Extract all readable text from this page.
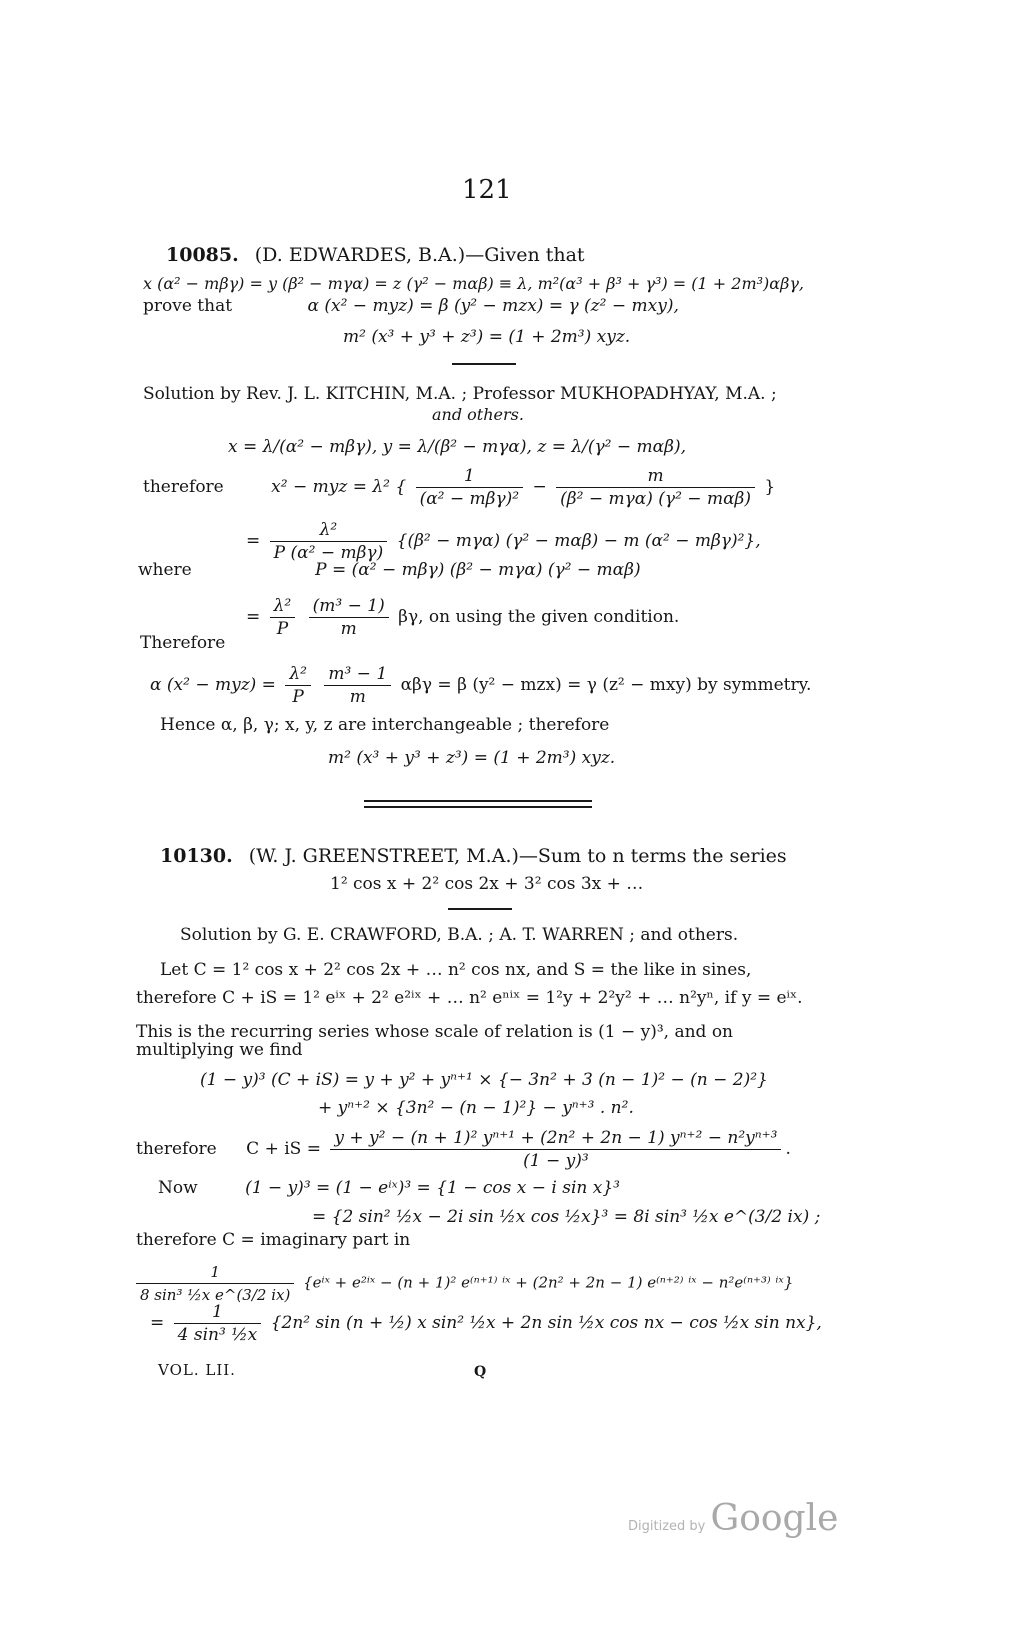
121
10085. (D. EDWARDES, B.A.)—Given that
x (α² − mβγ) = y (β² − mγα) = z (γ² − mαβ) ≡ λ, m²(α³ + β³ + γ³) = (1 + 2m³)αβγ,
prove that	α (x² − myz) = β (y² − mzx) = γ (z² − mxy),
m² (x³ + y³ + z³) = (1 + 2m³) xyz.
Solution by Rev. J. L. KITCHIN, M.A. ; Professor MUKHOPADHYAY, M.A. ;
and others.
x = λ/(α² − mβγ), y = λ/(β² − mγα), z = λ/(γ² − mαβ),
therefore	x² − myz = λ² { $\frac{1}{\text{(α² − mβγ)²}} - \frac{m}{\text{(β² − mγα) (γ² − mαβ)}}$ }
= $\frac{\text{λ²}}{\text{P (α² − mβγ)}} \{(\beta^2 - m\gamma\alpha) (\gamma^2 - m\alpha\beta) - m$ (α² − mβγ)²},
where	P = (α² − mβγ) (β² − mγα) (γ² − mαβ)
= $\frac{\text{λ²}}{P}$
$\frac{\text{(m³ − 1)}}{m} \beta\gamma$, on using the given condition.
Therefore
α $(x^2 - myz) = \frac{\text{λ²}}{P}$
$\frac{\text{m³ − 1}}{m}$ αβγ = β (y² − mzx) = γ (z² − mxy) by symmetry.
Hence α, β, γ; x, y, z are interchangeable ; therefore
m² (x³ + y³ + z³) = (1 + 2m³) xyz.
10130. (W. J. GREENSTREET, M.A.)—Sum to n terms the series
1² cos x + 2² cos 2x + 3² cos 3x + …
Solution by G. E. CRAWFORD, B.A. ; A. T. WARREN ; and others.
Let C = 1² cos x + 2² cos 2x + … n² cos nx, and S = the like in sines,
therefore C + iS = 1² eⁱˣ + 2² e²ⁱˣ + … n² eⁿⁱˣ = 1²y + 2²y² + … n²yⁿ, if y = eⁱˣ.
This is the recurring series whose scale of relation is (1 − y)³, and on
multiplying we find
(1 − y)³ (C + iS) = y + y² + yⁿ⁺¹ × {− 3n² + 3 (n − 1)² − (n − 2)²}
+ yⁿ⁺² × {3n² − (n − 1)²} − yⁿ⁺³ . n².
therefore C + iS = $\frac{\text{y + y² − (n + 1)² yⁿ⁺¹ + (2n² + 2n − 1) yⁿ⁺² − n²yⁿ⁺³}}{\text{(1 − y)³}}$ .
Now	(1 − y)³ = (1 − eⁱˣ)³ = {1 − cos x − i sin x}³
= {2 sin² ½x − 2i sin ½x cos ½x}³ = 8i sin³ ½x e^(3/2 ix) ;
therefore C = imaginary part in
$\frac{1}{\text{8 sin³ ½x e\textasciicircum{}(3/2 ix)}}$ {eⁱˣ + e²ⁱˣ − (n + 1)² e⁽ⁿ⁺¹⁾ ⁱˣ + (2n² + 2n − 1) e⁽ⁿ⁺²⁾ ⁱˣ − n²e⁽ⁿ⁺³⁾ ⁱˣ}
= $\frac{1}{\text{4 sin³ ½x}} \{2n^2$ sin (n + ½) x sin² ½x + 2n sin ½x cos nx − cos ½x sin nx},
VOL. LII.	Q
Digitized by Google
